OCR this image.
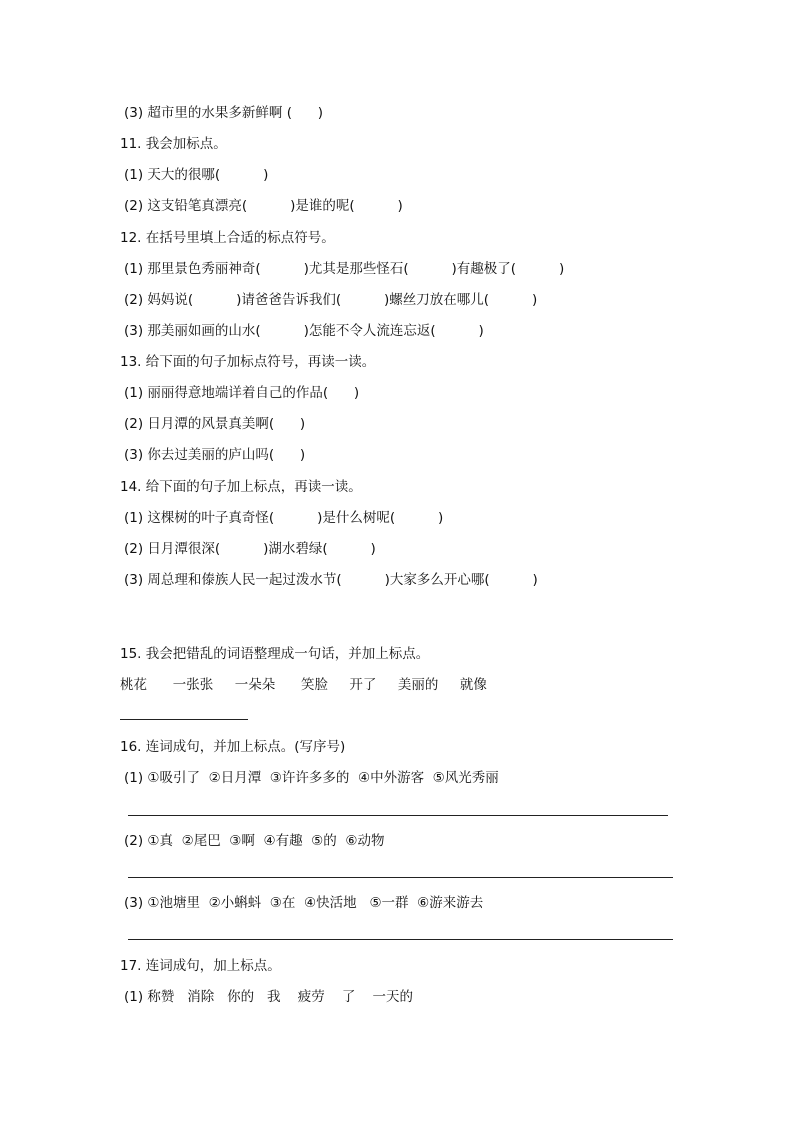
(3) 超市里的水果多新鲜啊 (      )
11. 我会加标点。
(1) 天大的很哪(          )
(2) 这支铅笔真漂亮(          )是谁的呢(          )
12. 在括号里填上合适的标点符号。
(1) 那里景色秀丽神奇(          )尤其是那些怪石(          )有趣极了(          )
(2) 妈妈说(          )请爸爸告诉我们(          )螺丝刀放在哪儿(          )
(3) 那美丽如画的山水(          )怎能不令人流连忘返(          )
13. 给下面的句子加标点符号，再读一读。
(1) 丽丽得意地端详着自己的作品(      )
(2) 日月潭的风景真美啊(      )
(3) 你去过美丽的庐山吗(      )
14. 给下面的句子加上标点，再读一读。
(1) 这棵树的叶子真奇怪(          )是什么树呢(          )
(2) 日月潭很深(          )湖水碧绿(          )
(3) 周总理和傣族人民一起过泼水节(          )大家多么开心哪(          )
15. 我会把错乱的词语整理成一句话，并加上标点。
桃花      一张张     一朵朵      笑脸     开了     美丽的     就像
16. 连词成句，并加上标点。(写序号)
(1) ①吸引了  ②日月潭  ③许许多多的  ④中外游客  ⑤风光秀丽
(2) ①真  ②尾巴  ③啊  ④有趣  ⑤的  ⑥动物
(3) ①池塘里  ②小蝌蚪  ③在  ④快活地   ⑤一群  ⑥游来游去
17. 连词成句，加上标点。
(1) 称赞   消除   你的   我    疲劳    了    一天的
